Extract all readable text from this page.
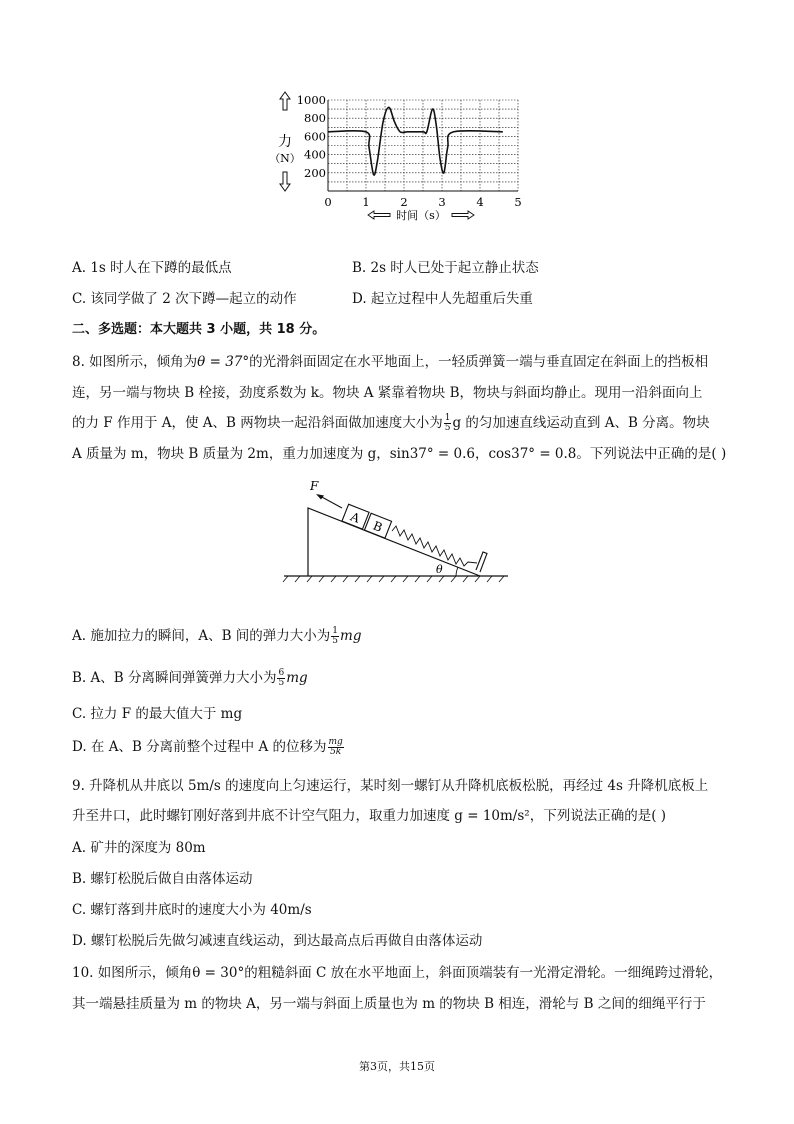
1000
800
600
400
200
0	1	2	3	4	5
力
（N）
时间（s）
A. 1s 时人在下蹲的最低点	B. 2s 时人已处于起立静止状态
C. 该同学做了 2 次下蹲—起立的动作	D. 起立过程中人先超重后失重
二、多选题：本大题共 3 小题，共 18 分。
8. 如图所示，倾角为θ = 37°的光滑斜面固定在水平地面上，一轻质弹簧一端与垂直固定在斜面上的挡板相
连，另一端与物块 B 栓接，劲度系数为 k。物块 A 紧靠着物块 B，物块与斜面均静止。现用一沿斜面向上
的力 F 作用于 A，使 A、B 两物块一起沿斜面做加速度大小为 $\frac{1}{5}$ g 的匀加速直线运动直到 A、B 分离。物块
A 质量为 m，物块 B 质量为 2m，重力加速度为 g，sin37° = 0.6，cos37° = 0.8。下列说法中正确的是( )
A
B
F
θ
A. 施加拉力的瞬间，A、B 间的弹力大小为 $\frac{1}{5}$ mg
B. A、B 分离瞬间弹簧弹力大小为 $\frac{6}{5}$ mg
C. 拉力 F 的最大值大于 mg
D. 在 A、B 分离前整个过程中 A 的位移为 $\frac{mg}{5k}$
9. 升降机从井底以 5m/s 的速度向上匀速运行，某时刻一螺钉从升降机底板松脱，再经过 4s 升降机底板上
升至井口，此时螺钉刚好落到井底不计空气阻力，取重力加速度 g = 10m/s²，下列说法正确的是( )
A. 矿井的深度为 80m
B. 螺钉松脱后做自由落体运动
C. 螺钉落到井底时的速度大小为 40m/s
D. 螺钉松脱后先做匀减速直线运动，到达最高点后再做自由落体运动
10. 如图所示，倾角θ = 30°的粗糙斜面 C 放在水平地面上，斜面顶端装有一光滑定滑轮。一细绳跨过滑轮，
其一端悬挂质量为 m 的物块 A，另一端与斜面上质量也为 m 的物块 B 相连，滑轮与 B 之间的细绳平行于
第3页，共15页
